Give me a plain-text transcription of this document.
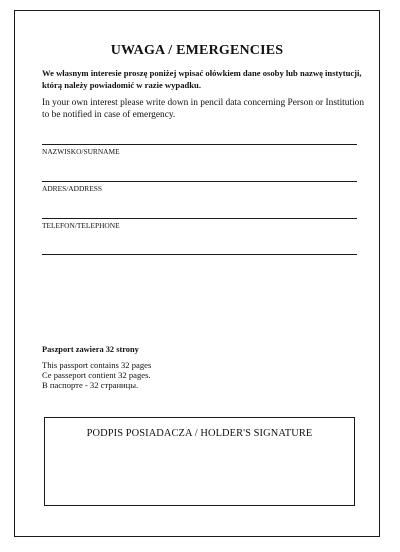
UWAGA / EMERGENCIES
We własnym interesie proszę poniżej wpisać ołówkiem dane osoby lub nazwę instytucji, którą należy powiadomić w razie wypadku.
In your own interest please write down in pencil data concerning Person or Institution to be notified in case of emergency.
NAZWISKO/SURNAME
ADRES/ADDRESS
TELEFON/TELEPHONE
Paszport zawiera 32 strony
This passport contains 32 pages
Ce passeport contient 32 pages.
В паспорте - 32 страницы.
PODPIS POSIADACZA / HOLDER'S SIGNATURE
